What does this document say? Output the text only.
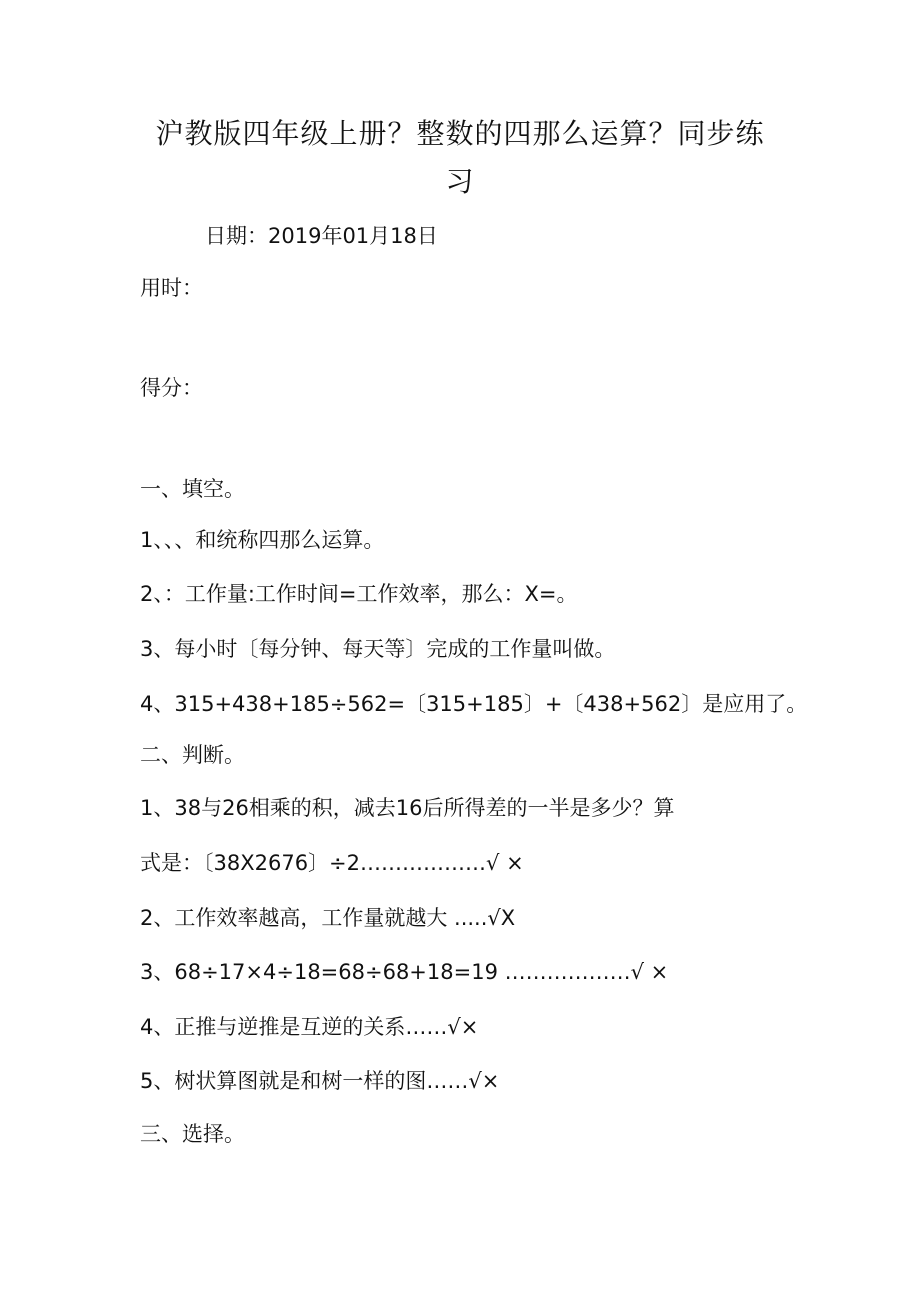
沪教版四年级上册？整数的四那么运算？同步练
习
日期：2019年01月18日
用时：
得分：
一、填空。
1、、、和统称四那么运算。
2、：工作量:工作时间=工作效率，那么：X=。
3、每小时〔每分钟、每天等〕完成的工作量叫做。
4、315+438+185÷562=〔315+185〕+〔438+562〕是应用了。
二、判断。
1、38与26相乘的积，减去16后所得差的一半是多少？算
式是：〔38X2676〕÷2………………√ ×
2、工作效率越高，工作量就越大 .....√X
3、68÷17×4÷18=68÷68+18=19 ………………√ ×
4、正推与逆推是互逆的关系……√×
5、树状算图就是和树一样的图……√×
三、选择。
